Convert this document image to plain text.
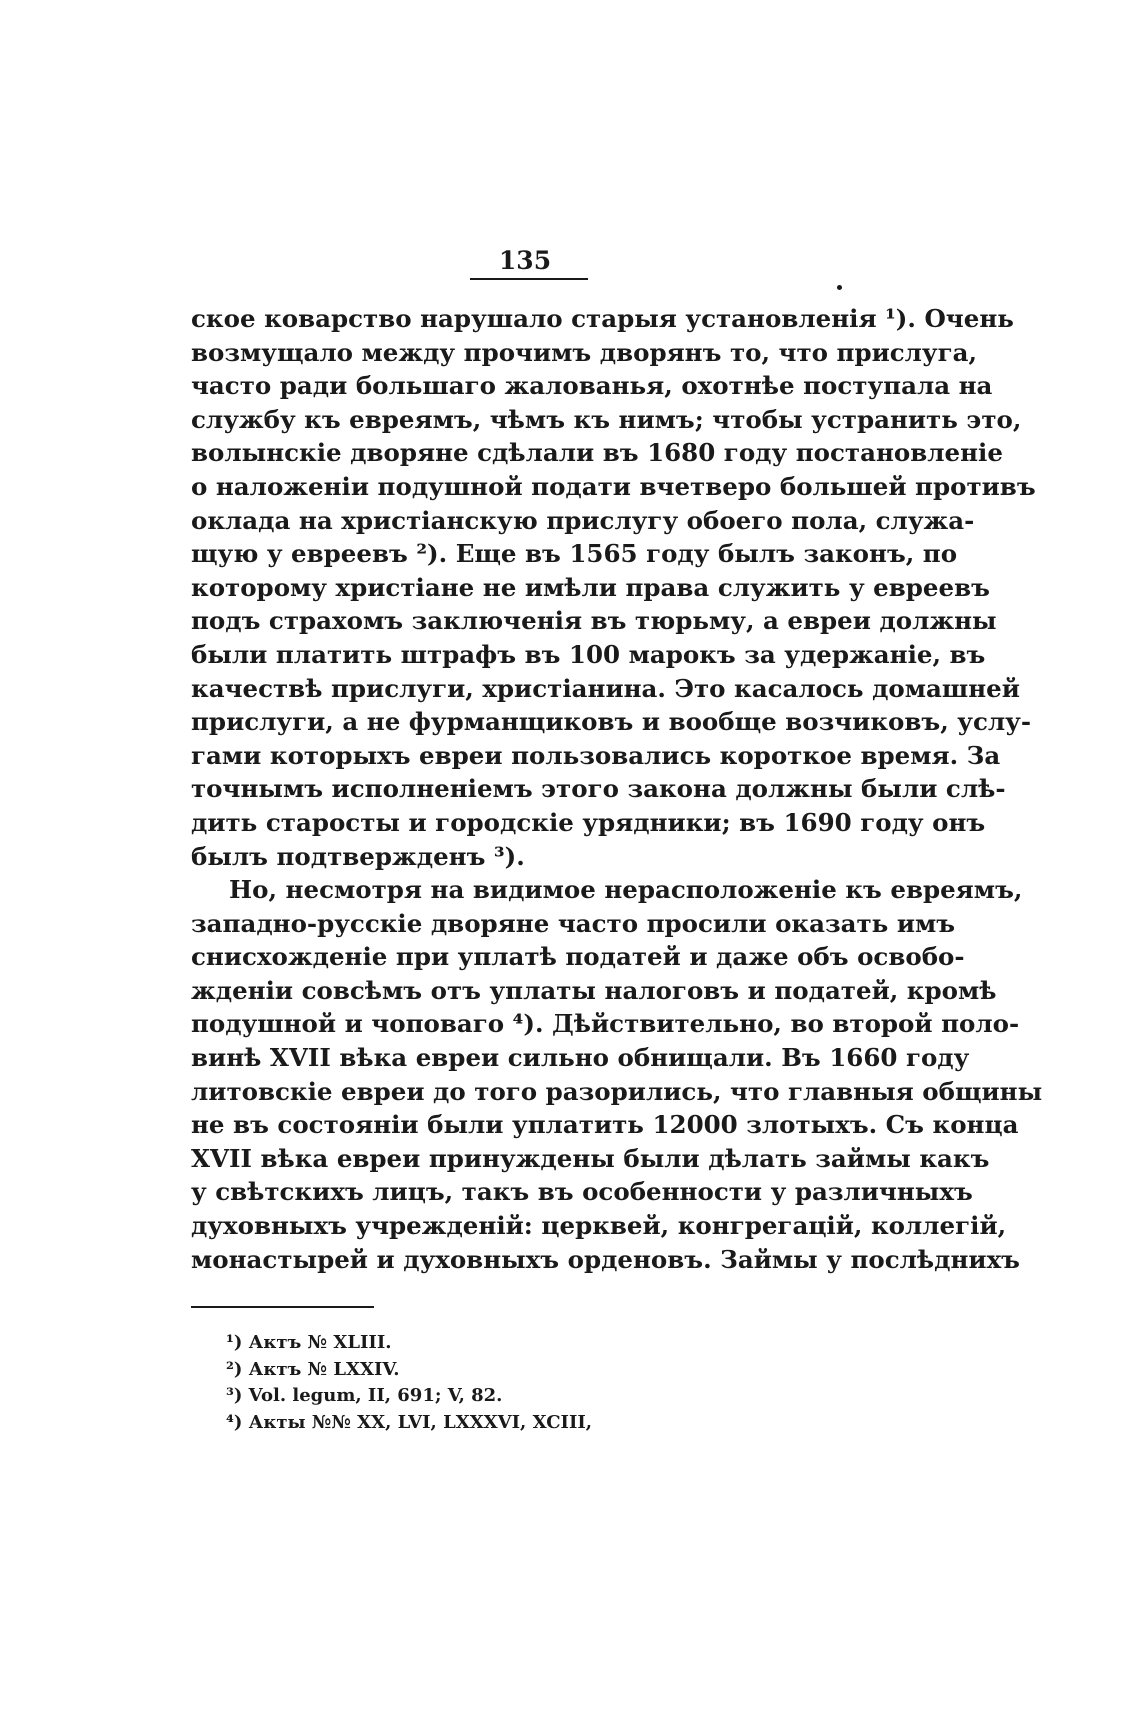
135
ское коварство нарушало старыя установленія ¹). Очень
возмущало между прочимъ дворянъ то, что прислуга,
часто ради большаго жалованья, охотнѣе поступала на
службу къ евреямъ, чѣмъ къ нимъ; чтобы устранить это,
волынскіе дворяне сдѣлали въ 1680 году постановленіе
о наложеніи подушной подати вчетверо большей противъ
оклада на христіанскую прислугу обоего пола, служа-
щую у евреевъ ²). Еще въ 1565 году былъ законъ, по
которому христіане не имѣли права служить у евреевъ
подъ страхомъ заключенія въ тюрьму, а евреи должны
были платить штрафъ въ 100 марокъ за удержаніе, въ
качествѣ прислуги, христіанина. Это касалось домашней
прислуги, а не фурманщиковъ и вообще возчиковъ, услу-
гами которыхъ евреи пользовались короткое время. За
точнымъ исполненіемъ этого закона должны были слѣ-
дить старосты и городскіе урядники; въ 1690 году онъ
былъ подтвержденъ ³).
Но, несмотря на видимое нерасположеніе къ евреямъ,
западно-русскіе дворяне часто просили оказать имъ
снисхожденіе при уплатѣ податей и даже объ освобо-
жденіи совсѣмъ отъ уплаты налоговъ и податей, кромѣ
подушной и чоповаго ⁴). Дѣйствительно, во второй поло-
винѣ XVII вѣка евреи сильно обнищали. Въ 1660 году
литовскіе евреи до того разорились, что главныя общины
не въ состояніи были уплатить 12000 злотыхъ. Съ конца
XVII вѣка евреи принуждены были дѣлать займы какъ
у свѣтскихъ лицъ, такъ въ особенности у различныхъ
духовныхъ учрежденій: церквей, конгрегацій, коллегій,
монастырей и духовныхъ орденовъ. Займы у послѣднихъ
¹) Актъ № XLIII.
²) Актъ № LXXIV.
³) Vol. legum, II, 691; V, 82.
⁴) Акты №№ XX, LVI, LXXXVI, XCIII,
